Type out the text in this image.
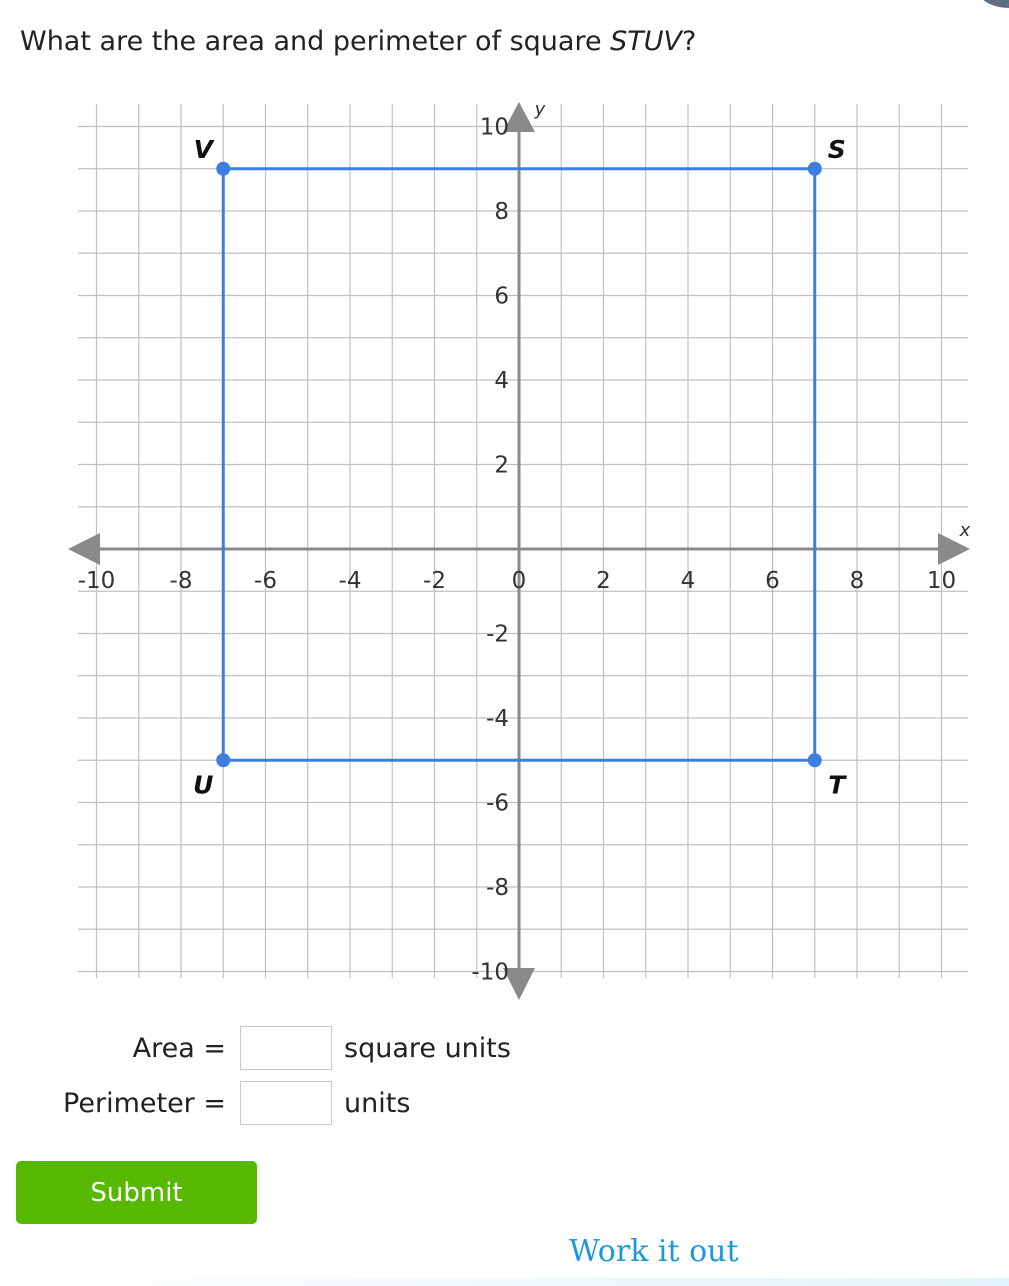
What are the area and perimeter of square STUV?
x
y
-10 -8	-6	-4	-2	0	2	4	6	8	10
-10
-8
-6
-4
-2
2
4
6
8
10
S
T
U
V
Area =	square units
Perimeter =	units
Submit
Work it out
